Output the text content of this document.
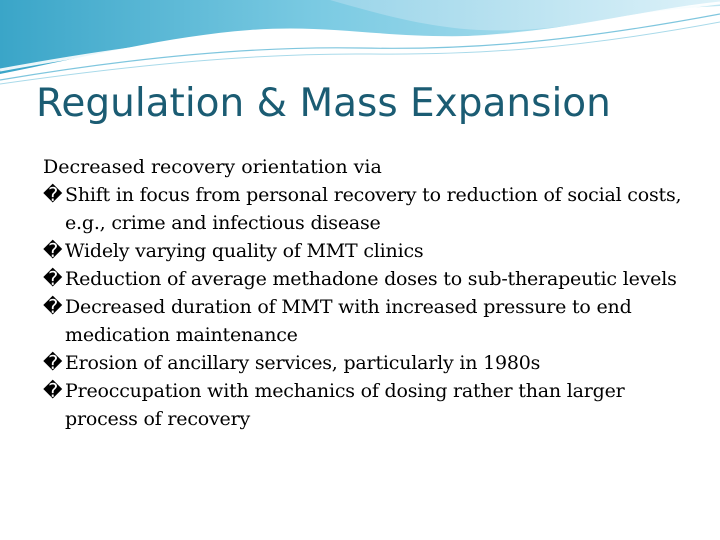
Regulation & Mass Expansion

Decreased recovery orientation via

� Shift in focus from personal recovery to reduction of social costs, e.g., crime and infectious disease
� Widely varying quality of MMT clinics
� Reduction of average methadone doses to sub-therapeutic levels
� Decreased duration of MMT with increased pressure to end medication maintenance
� Erosion of ancillary services, particularly in 1980s
� Preoccupation with mechanics of dosing rather than larger process of recovery
